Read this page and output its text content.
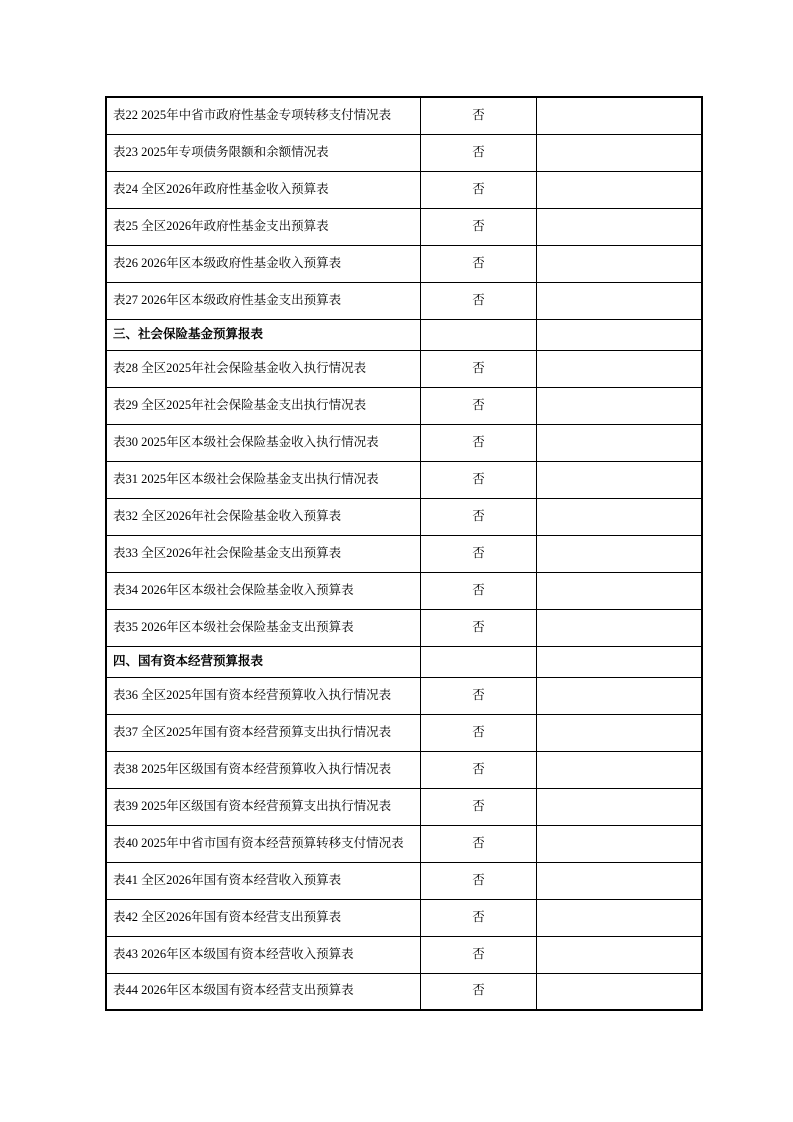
表22 2025年中省市政府性基金专项转移支付情况表	否	
表23 2025年专项债务限额和余额情况表	否	
表24 全区2026年政府性基金收入预算表	否	
表25 全区2026年政府性基金支出预算表	否	
表26 2026年区本级政府性基金收入预算表	否	
表27 2026年区本级政府性基金支出预算表	否	
三、社会保险基金预算报表		
表28 全区2025年社会保险基金收入执行情况表	否	
表29 全区2025年社会保险基金支出执行情况表	否	
表30 2025年区本级社会保险基金收入执行情况表	否	
表31 2025年区本级社会保险基金支出执行情况表	否	
表32 全区2026年社会保险基金收入预算表	否	
表33 全区2026年社会保险基金支出预算表	否	
表34 2026年区本级社会保险基金收入预算表	否	
表35 2026年区本级社会保险基金支出预算表	否	
四、国有资本经营预算报表		
表36 全区2025年国有资本经营预算收入执行情况表	否	
表37 全区2025年国有资本经营预算支出执行情况表	否	
表38 2025年区级国有资本经营预算收入执行情况表	否	
表39 2025年区级国有资本经营预算支出执行情况表	否	
表40 2025年中省市国有资本经营预算转移支付情况表	否	
表41 全区2026年国有资本经营收入预算表	否	
表42 全区2026年国有资本经营支出预算表	否	
表43 2026年区本级国有资本经营收入预算表	否	
表44 2026年区本级国有资本经营支出预算表	否	
